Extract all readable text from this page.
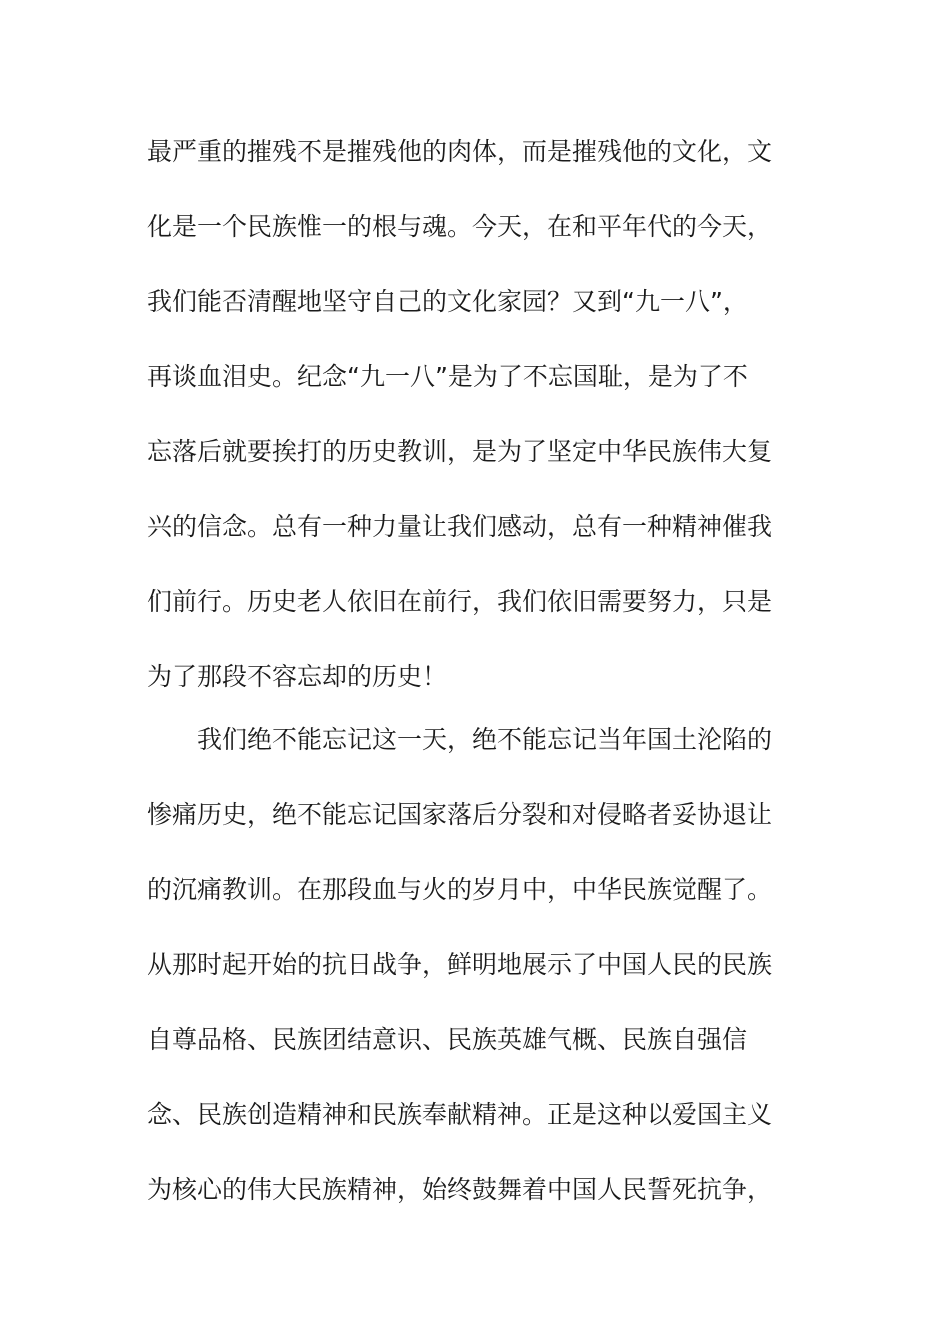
最严重的摧残不是摧残他的肉体，而是摧残他的文化，文
化是一个民族惟一的根与魂。今天，在和平年代的今天，
我们能否清醒地坚守自己的文化家园？又到“九一八”，
再谈血泪史。纪念“九一八”是为了不忘国耻，是为了不
忘落后就要挨打的历史教训，是为了坚定中华民族伟大复
兴的信念。总有一种力量让我们感动，总有一种精神催我
们前行。历史老人依旧在前行，我们依旧需要努力，只是
为了那段不容忘却的历史！
　　我们绝不能忘记这一天，绝不能忘记当年国土沦陷的
惨痛历史，绝不能忘记国家落后分裂和对侵略者妥协退让
的沉痛教训。在那段血与火的岁月中，中华民族觉醒了。
从那时起开始的抗日战争，鲜明地展示了中国人民的民族
自尊品格、民族团结意识、民族英雄气概、民族自强信
念、民族创造精神和民族奉献精神。正是这种以爱国主义
为核心的伟大民族精神，始终鼓舞着中国人民誓死抗争，
